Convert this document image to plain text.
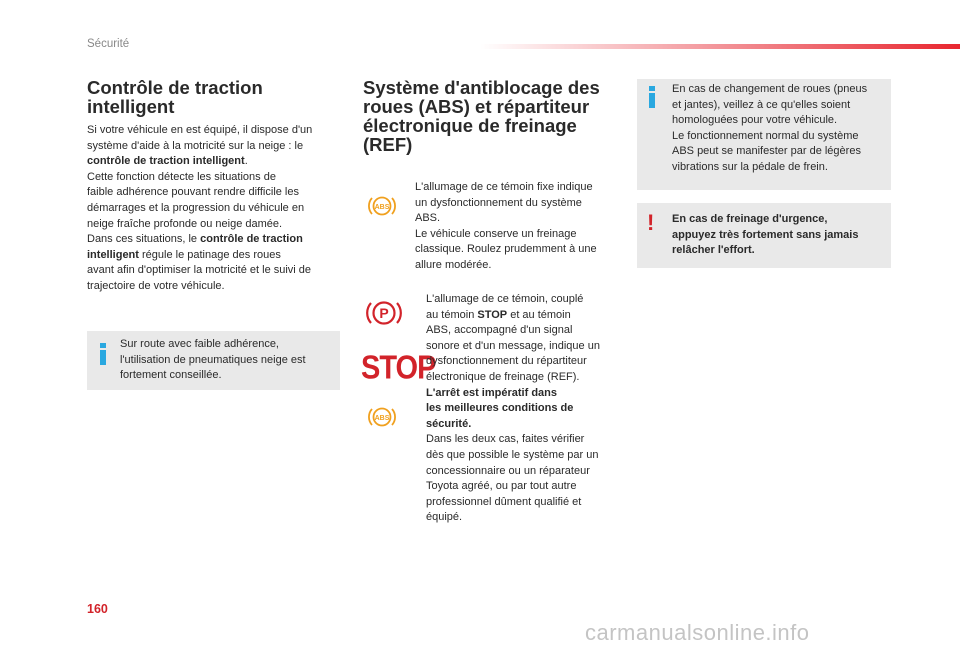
Sécurité
Contrôle de traction
intelligent
Si votre véhicule en est équipé, il dispose d'un
système d'aide à la motricité sur la neige : le
contrôle de traction intelligent.
Cette fonction détecte les situations de
faible adhérence pouvant rendre difficile les
démarrages et la progression du véhicule en
neige fraîche profonde ou neige damée.
Dans ces situations, le contrôle de traction
intelligent régule le patinage des roues
avant afin d'optimiser la motricité et le suivi de
trajectoire de votre véhicule.
Sur route avec faible adhérence,
l'utilisation de pneumatiques neige est
fortement conseillée.
Système d'antiblocage des
roues (ABS) et répartiteur
électronique de freinage
(REF)
ABS
L'allumage de ce témoin fixe indique
un dysfonctionnement du système
ABS.
Le véhicule conserve un freinage
classique. Roulez prudemment à une
allure modérée.
P
STOP
ABS
L'allumage de ce témoin, couplé
au témoin STOP et au témoin
ABS, accompagné d'un signal
sonore et d'un message, indique un
dysfonctionnement du répartiteur
électronique de freinage (REF).
L'arrêt est impératif dans
les meilleures conditions de
sécurité.
Dans les deux cas, faites vérifier
dès que possible le système par un
concessionnaire ou un réparateur
Toyota agréé, ou par tout autre
professionnel dûment qualifié et
équipé.
En cas de changement de roues (pneus
et jantes), veillez à ce qu'elles soient
homologuées pour votre véhicule.
Le fonctionnement normal du système
ABS peut se manifester par de légères
vibrations sur la pédale de frein.
! En cas de freinage d'urgence,
appuyez très fortement sans jamais
relâcher l'effort.
160
carmanualsonline.info
